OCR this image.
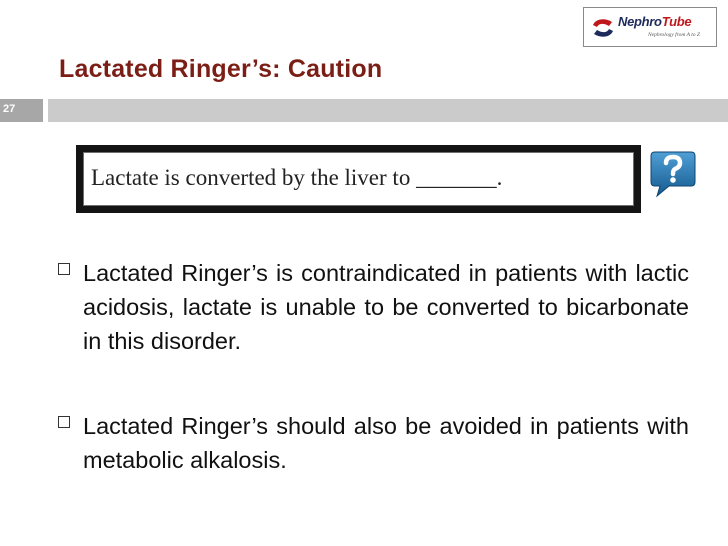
NephroTube
Nephrology from A to Z
Lactated Ringer’s: Caution
27
Lactate is converted by the liver to _______.
Lactated Ringer’s is contraindicated in patients with lactic acidosis, lactate is unable to be converted to bicarbonate in this disorder.
Lactated Ringer’s should also be avoided in patients with metabolic alkalosis.
